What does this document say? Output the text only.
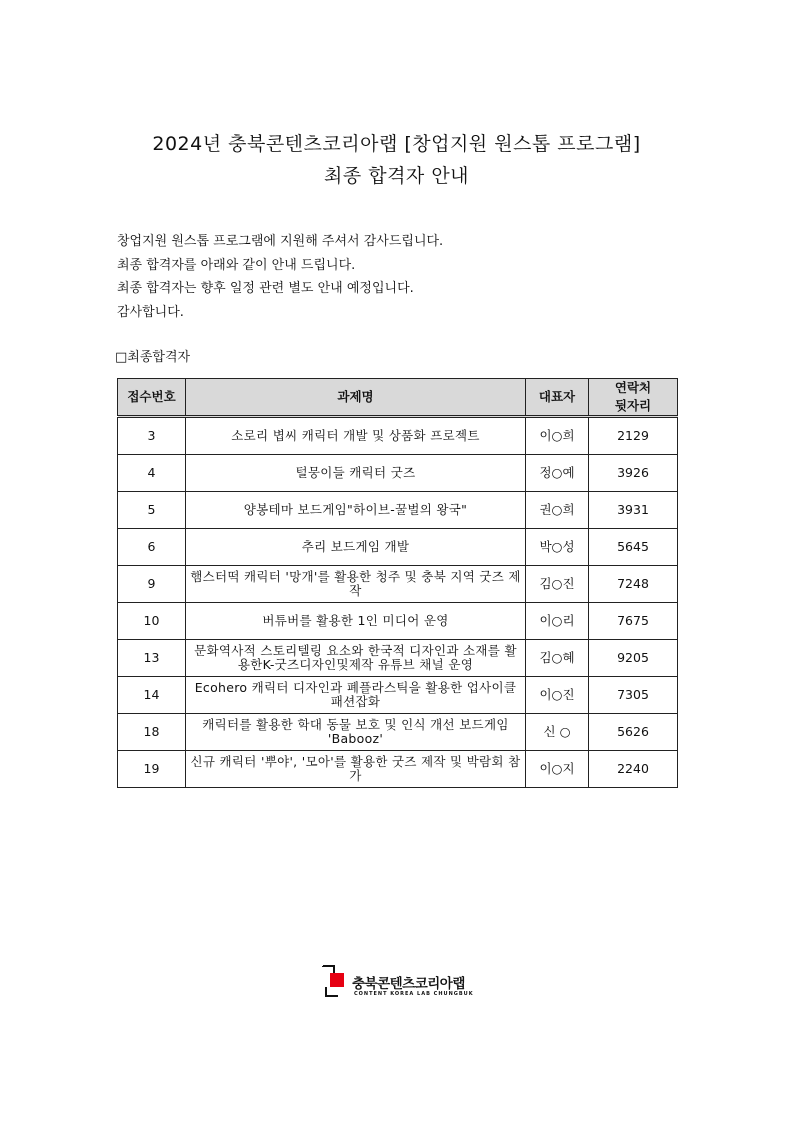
2024년 충북콘텐츠코리아랩 [창업지원 원스톱 프로그램]
최종 합격자 안내
창업지원 원스톱 프로그램에 지원해 주셔서 감사드립니다.
최종 합격자를 아래와 같이 안내 드립니다.
최종 합격자는 향후 일정 관련 별도 안내 예정입니다.
감사합니다.
□최종합격자
접수번호	과제명	대표자	연락처
뒷자리

3	소로리 볍씨 캐릭터 개발 및 상품화 프로젝트	이○희	2129
4	털뭉이들 캐릭터 굿즈	정○예	3926
5	양봉테마 보드게임"하이브-꿀벌의 왕국"	권○희	3931
6	추리 보드게임 개발	박○성	5645
9	햄스터떡 캐릭터 '망개'를 활용한 청주 및 충북 지역 굿즈 제작	김○진	7248
10	버튜버를 활용한 1인 미디어 운영	이○리	7675
13	문화역사적 스토리텔링 요소와 한국적 디자인과 소재를 활용한K-굿즈디자인및제작 유튜브 채널 운영	김○혜	9205
14	Ecohero 캐릭터 디자인과 폐플라스틱을 활용한 업사이클 패션잡화	이○진	7305
18	캐릭터를 활용한 학대 동물 보호 및 인식 개선 보드게임 'Babooz'	신 ○	5626
19	신규 캐릭터 '뿌야', '모아'를 활용한 굿즈 제작 및 박람회 참가	이○지	2240
충북콘텐츠코리아랩
CONTENT KOREA LAB CHUNGBUK
